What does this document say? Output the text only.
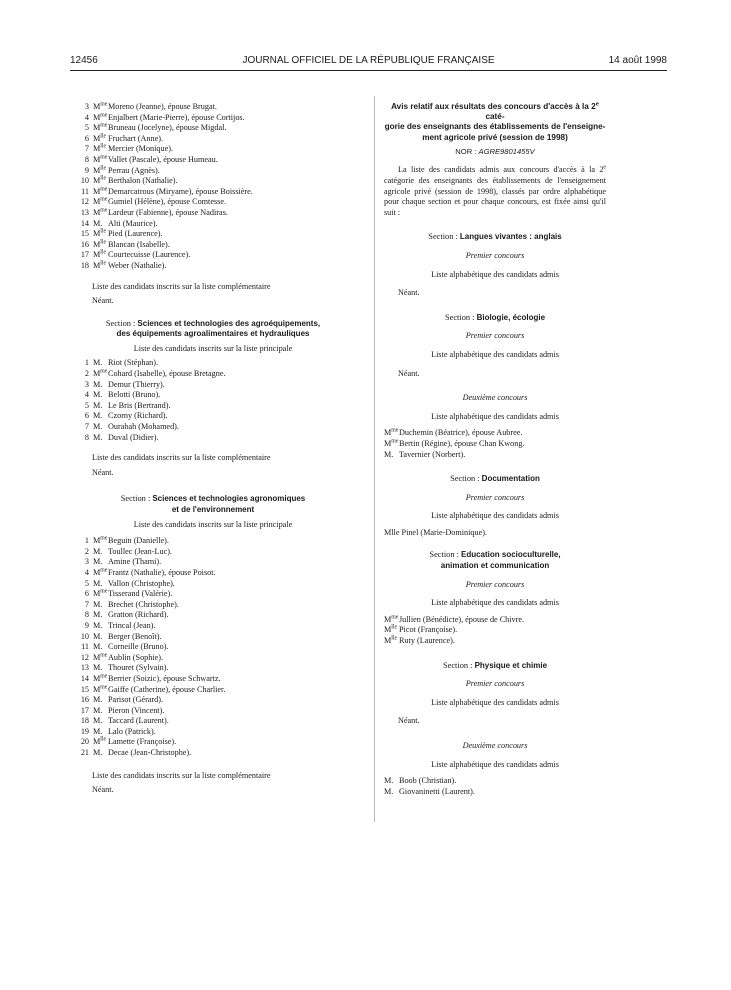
12456	JOURNAL OFFICIEL DE LA RÉPUBLIQUE FRANÇAISE	14 août 1998
3 $M^{me}$ Moreno (Jeanne), épouse Brugat.
4 $M^{me}$ Enjalbert (Marie-Pierre), épouse Cortijos.
5 $M^{me}$ Bruneau (Jocelyne), épouse Migdal.
6 $M^{lle}$ Fruchart (Anne).
7 $M^{lle}$ Mercier (Monique).
8 $M^{me}$ Vallet (Pascale), épouse Humeau.
9 $M^{lle}$ Perrau (Agnès).
10 $M^{lle}$ Berthalon (Nathalie).
11 $M^{me}$ Demarcatrous (Miryame), épouse Boissière.
12 $M^{me}$ Gumiel (Hélène), épouse Comtesse.
13 $M^{me}$ Lardeur (Fabienne), épouse Nadiras.
14 M. Alti (Maurice).
15 $M^{lle}$ Pied (Laurence).
16 $M^{lle}$ Blancan (Isabelle).
17 $M^{lle}$ Courtecuisse (Laurence).
18 $M^{lle}$ Weber (Nathalie).
Liste des candidats inscrits sur la liste complémentaire
Néant.
Section : Sciences et technologies des agroéquipements,
des équipements agroalimentaires et hydrauliques
Liste des candidats inscrits sur la liste principale
1 M. Riot (Stéphan).
2 $M^{me}$ Cohard (Isabelle), épouse Bretagne.
3 M. Demur (Thierry).
4 M. Belotti (Bruno).
5 M. Le Bris (Bertrand).
6 M. Czorny (Richard).
7 M. Ourabah (Mohamed).
8 M. Duval (Didier).
Liste des candidats inscrits sur la liste complémentaire
Néant.
Section : Sciences et technologies agronomiques
et de l'environnement
Liste des candidats inscrits sur la liste principale
1 $M^{me}$ Beguin (Danielle).
2 M. Toullec (Jean-Luc).
3 M. Amine (Thami).
4 $M^{me}$ Frantz (Nathalie), épouse Poisot.
5 M. Vallon (Christophe).
6 $M^{me}$ Tisserand (Valérie).
7 M. Brechet (Christophe).
8 M. Gratton (Richard).
9 M. Trincal (Jean).
10 M. Berger (Benoît).
11 M. Corneille (Bruno).
12 $M^{me}$ Aublin (Sophie).
13 M. Thouret (Sylvain).
14 $M^{me}$ Berrier (Soizic), épouse Schwartz.
15 $M^{me}$ Gaiffe (Catherine), épouse Charlier.
16 M. Parisot (Gérard).
17 M. Pieron (Vincent).
18 M. Taccard (Laurent).
19 M. Lalo (Patrick).
20 $M^{lle}$ Lamette (Françoise).
21 M. Decae (Jean-Christophe).
Liste des candidats inscrits sur la liste complémentaire
Néant.
Avis relatif aux résultats des concours d'accès à la 2e caté-
gorie des enseignants des établissements de l'enseigne-
ment agricole privé (session de 1998)
NOR : AGRE9801455V
La liste des candidats admis aux concours d'accès à la 2e catégorie des enseignants des établissements de l'enseignement agricole privé (session de 1998), classés par ordre alphabétique pour chaque section et pour chaque concours, est fixée ainsi qu'il suit :
Section : Langues vivantes : anglais
Premier concours
Liste alphabétique des candidats admis
Néant.
Section : Biologie, écologie
Premier concours
Liste alphabétique des candidats admis
Néant.
Deuxième concours
Liste alphabétique des candidats admis
$M^{me}$ Duchemin (Béatrice), épouse Aubree.
$M^{me}$ Bertin (Régine), épouse Chan Kwong.
M. Tavernier (Norbert).
Section : Documentation
Premier concours
Liste alphabétique des candidats admis
Mlle Pinel (Marie-Dominique).
Section : Education socioculturelle,
animation et communication
Premier concours
Liste alphabétique des candidats admis
$M^{me}$ Jullien (Bénédicte), épouse de Chivre.
$M^{lle}$ Picot (Françoise).
$M^{lle}$ Ruty (Laurence).
Section : Physique et chimie
Premier concours
Liste alphabétique des candidats admis
Néant.
Deuxième concours
Liste alphabétique des candidats admis
M. Boob (Christian).
M. Giovaninetti (Laurent).
